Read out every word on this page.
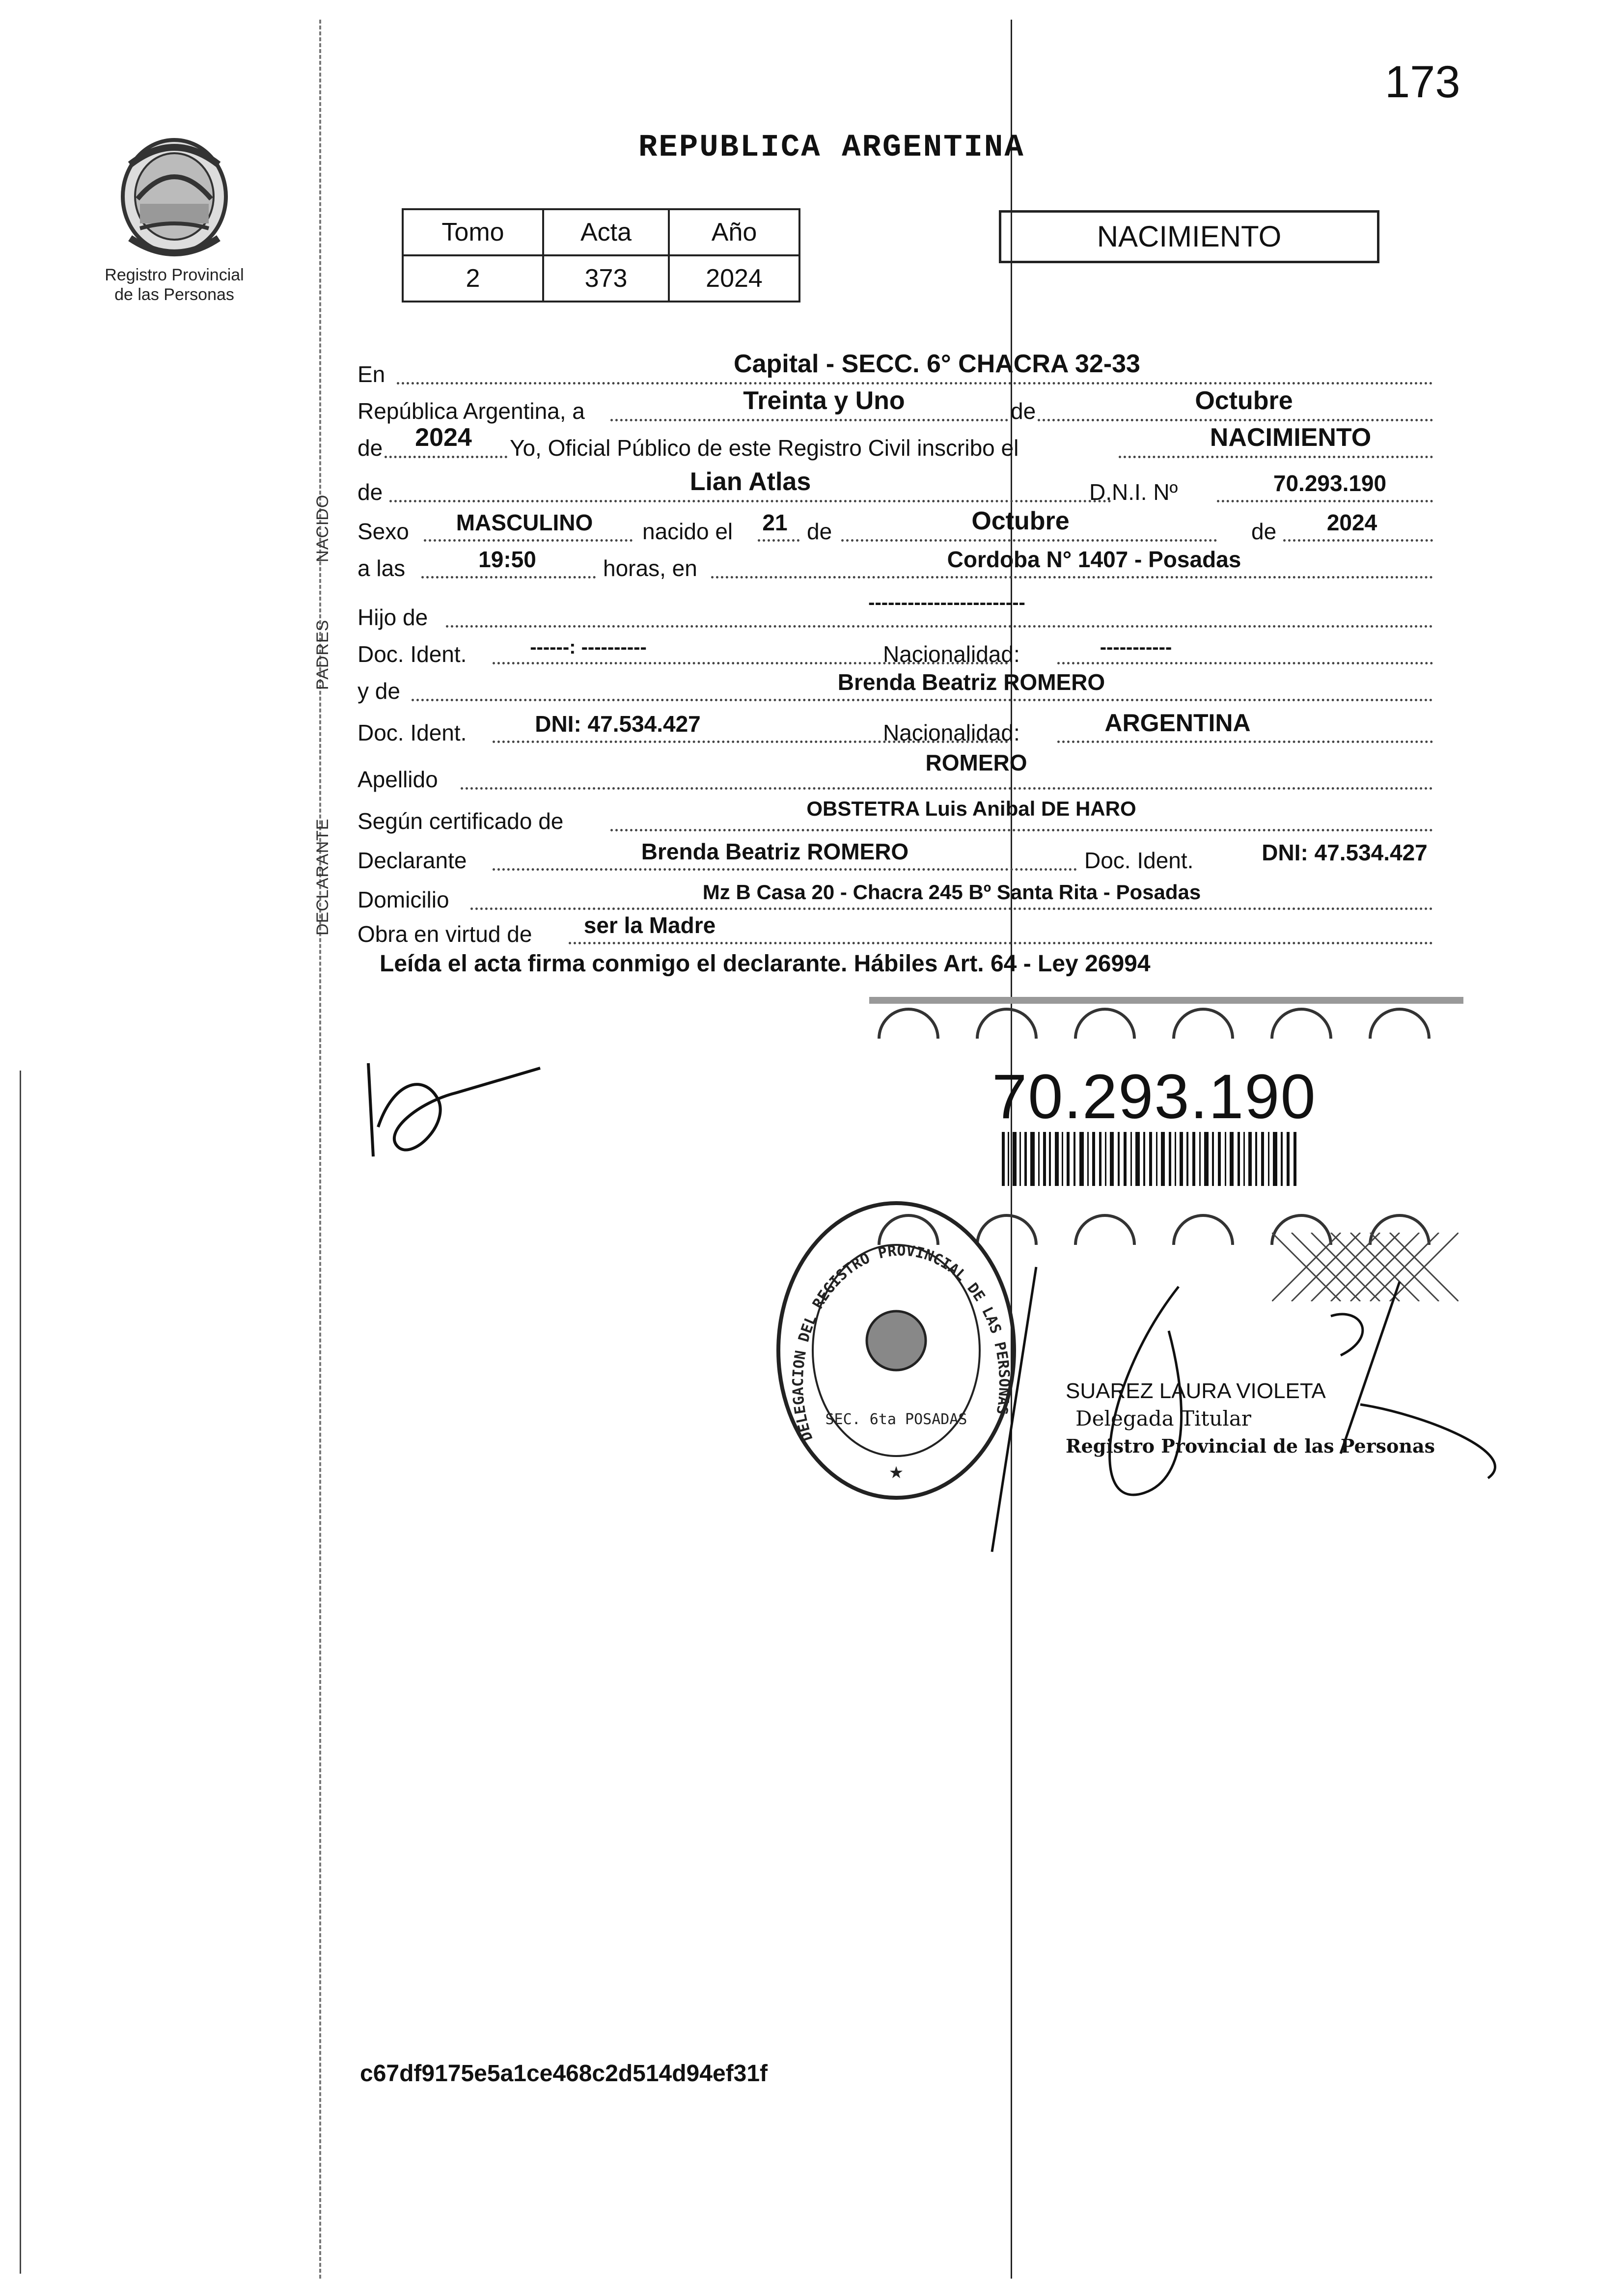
173
Registro Provincial
de las Personas
REPUBLICA ARGENTINA
Tomo	Acta	Año
2	373	2024
NACIMIENTO
NACIDO
PADRES
DECLARANTE
En	Capital - SECC. 6° CHACRA 32-33
República Argentina, a	Treinta y Uno	de	Octubre
de	2024	Yo, Oficial Público de este Registro Civil inscribo el	NACIMIENTO
de	Lian Atlas	D.N.I. Nº	70.293.190
Sexo	MASCULINO	nacido el	21 de	Octubre	de	2024
a las	19:50	horas, en	Cordoba N° 1407 - Posadas
Hijo de
------------------------
Doc. Ident.	------: ----------	Nacionalidad:	-----------
y de	Brenda Beatriz ROMERO
Doc. Ident.	DNI: 47.534.427	Nacionalidad:	ARGENTINA
Apellido
ROMERO
Según certificado de	OBSTETRA Luis Anibal DE HARO
Declarante	Brenda Beatriz ROMERO	Doc. Ident.	DNI: 47.534.427
Domicilio	Mz B Casa 20 - Chacra 245 Bº Santa Rita - Posadas
Obra en virtud de	ser la Madre
Leída el acta firma conmigo el declarante. Hábiles Art. 64 - Ley 26994
70.293.190
DELEGACION DEL REGISTRO PROVINCIAL DE LAS PERSONAS
SEC. 6ta POSADAS
★
SUAREZ LAURA VIOLETA
Delegada Titular
Registro Provincial de las Personas
c67df9175e5a1ce468c2d514d94ef31f
